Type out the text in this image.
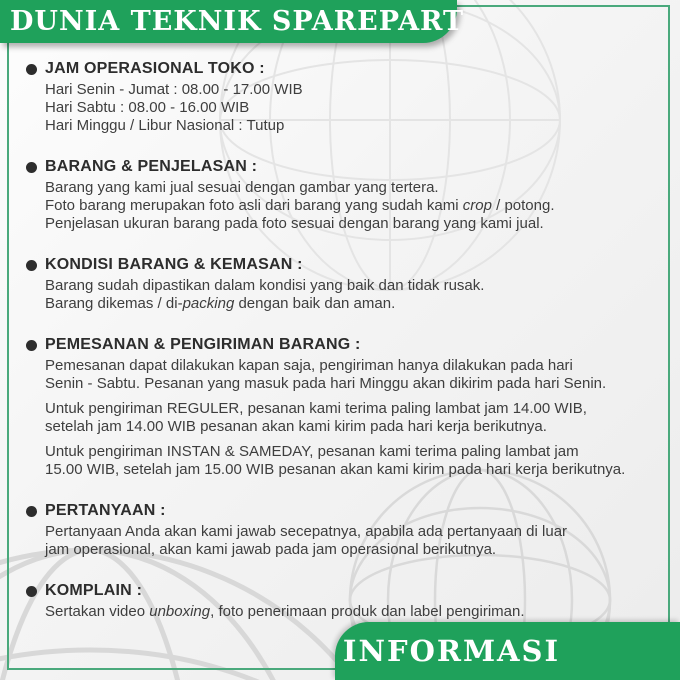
DUNIA TEKNIK SPAREPART
JAM OPERASIONAL TOKO :
Hari Senin - Jumat : 08.00 - 17.00 WIB
Hari Sabtu : 08.00 - 16.00 WIB
Hari Minggu / Libur Nasional : Tutup
BARANG & PENJELASAN :
Barang yang kami jual sesuai dengan gambar yang tertera.
Foto barang merupakan foto asli dari barang yang sudah kami crop / potong.
Penjelasan ukuran barang pada foto sesuai dengan barang yang kami jual.
KONDISI BARANG & KEMASAN :
Barang sudah dipastikan dalam kondisi yang baik dan tidak rusak.
Barang dikemas / di-packing dengan baik dan aman.
PEMESANAN & PENGIRIMAN BARANG :
Pemesanan dapat dilakukan kapan saja, pengiriman hanya dilakukan pada hari
Senin - Sabtu. Pesanan yang masuk pada hari Minggu akan dikirim pada hari Senin.
Untuk pengiriman REGULER, pesanan kami terima paling lambat jam 14.00 WIB,
setelah jam 14.00 WIB pesanan akan kami kirim pada hari kerja berikutnya.
Untuk pengiriman INSTAN & SAMEDAY, pesanan kami terima paling lambat jam
15.00 WIB, setelah jam 15.00 WIB pesanan akan kami kirim pada hari kerja berikutnya.
PERTANYAAN :
Pertanyaan Anda akan kami jawab secepatnya, apabila ada pertanyaan di luar
jam operasional, akan kami jawab pada jam operasional berikutnya.
KOMPLAIN :
Sertakan video unboxing, foto penerimaan produk dan label pengiriman.
INFORMASI
